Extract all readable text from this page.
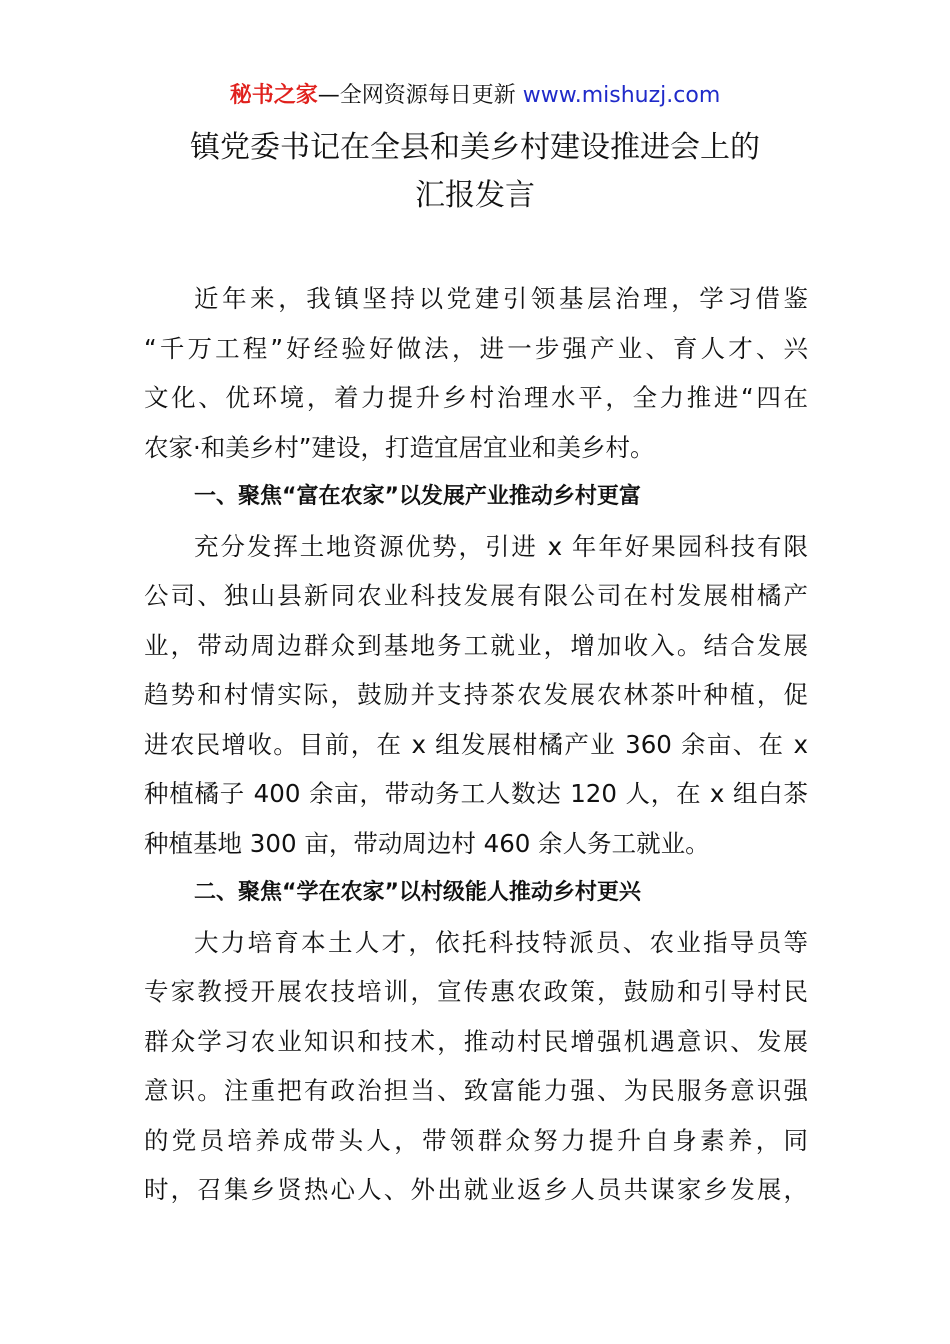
秘书之家—全网资源每日更新 www.mishuzj.com
镇党委书记在全县和美乡村建设推进会上的
汇报发言
近年来，我镇坚持以党建引领基层治理，学习借鉴
“千万工程”好经验好做法，进一步强产业、育人才、兴
文化、优环境，着力提升乡村治理水平，全力推进“四在
农家·和美乡村”建设，打造宜居宜业和美乡村。
一、聚焦“富在农家”以发展产业推动乡村更富
充分发挥土地资源优势，引进 x 年年好果园科技有限
公司、独山县新同农业科技发展有限公司在村发展柑橘产
业，带动周边群众到基地务工就业，增加收入。结合发展
趋势和村情实际，鼓励并支持茶农发展农林茶叶种植，促
进农民增收。目前，在 x 组发展柑橘产业 360 余亩、在 x
种植橘子 400 余亩，带动务工人数达 120 人，在 x 组白茶
种植基地 300 亩，带动周边村 460 余人务工就业。
二、聚焦“学在农家”以村级能人推动乡村更兴
大力培育本土人才，依托科技特派员、农业指导员等
专家教授开展农技培训，宣传惠农政策，鼓励和引导村民
群众学习农业知识和技术，推动村民增强机遇意识、发展
意识。注重把有政治担当、致富能力强、为民服务意识强
的党员培养成带头人，带领群众努力提升自身素养，同
时，召集乡贤热心人、外出就业返乡人员共谋家乡发展，
